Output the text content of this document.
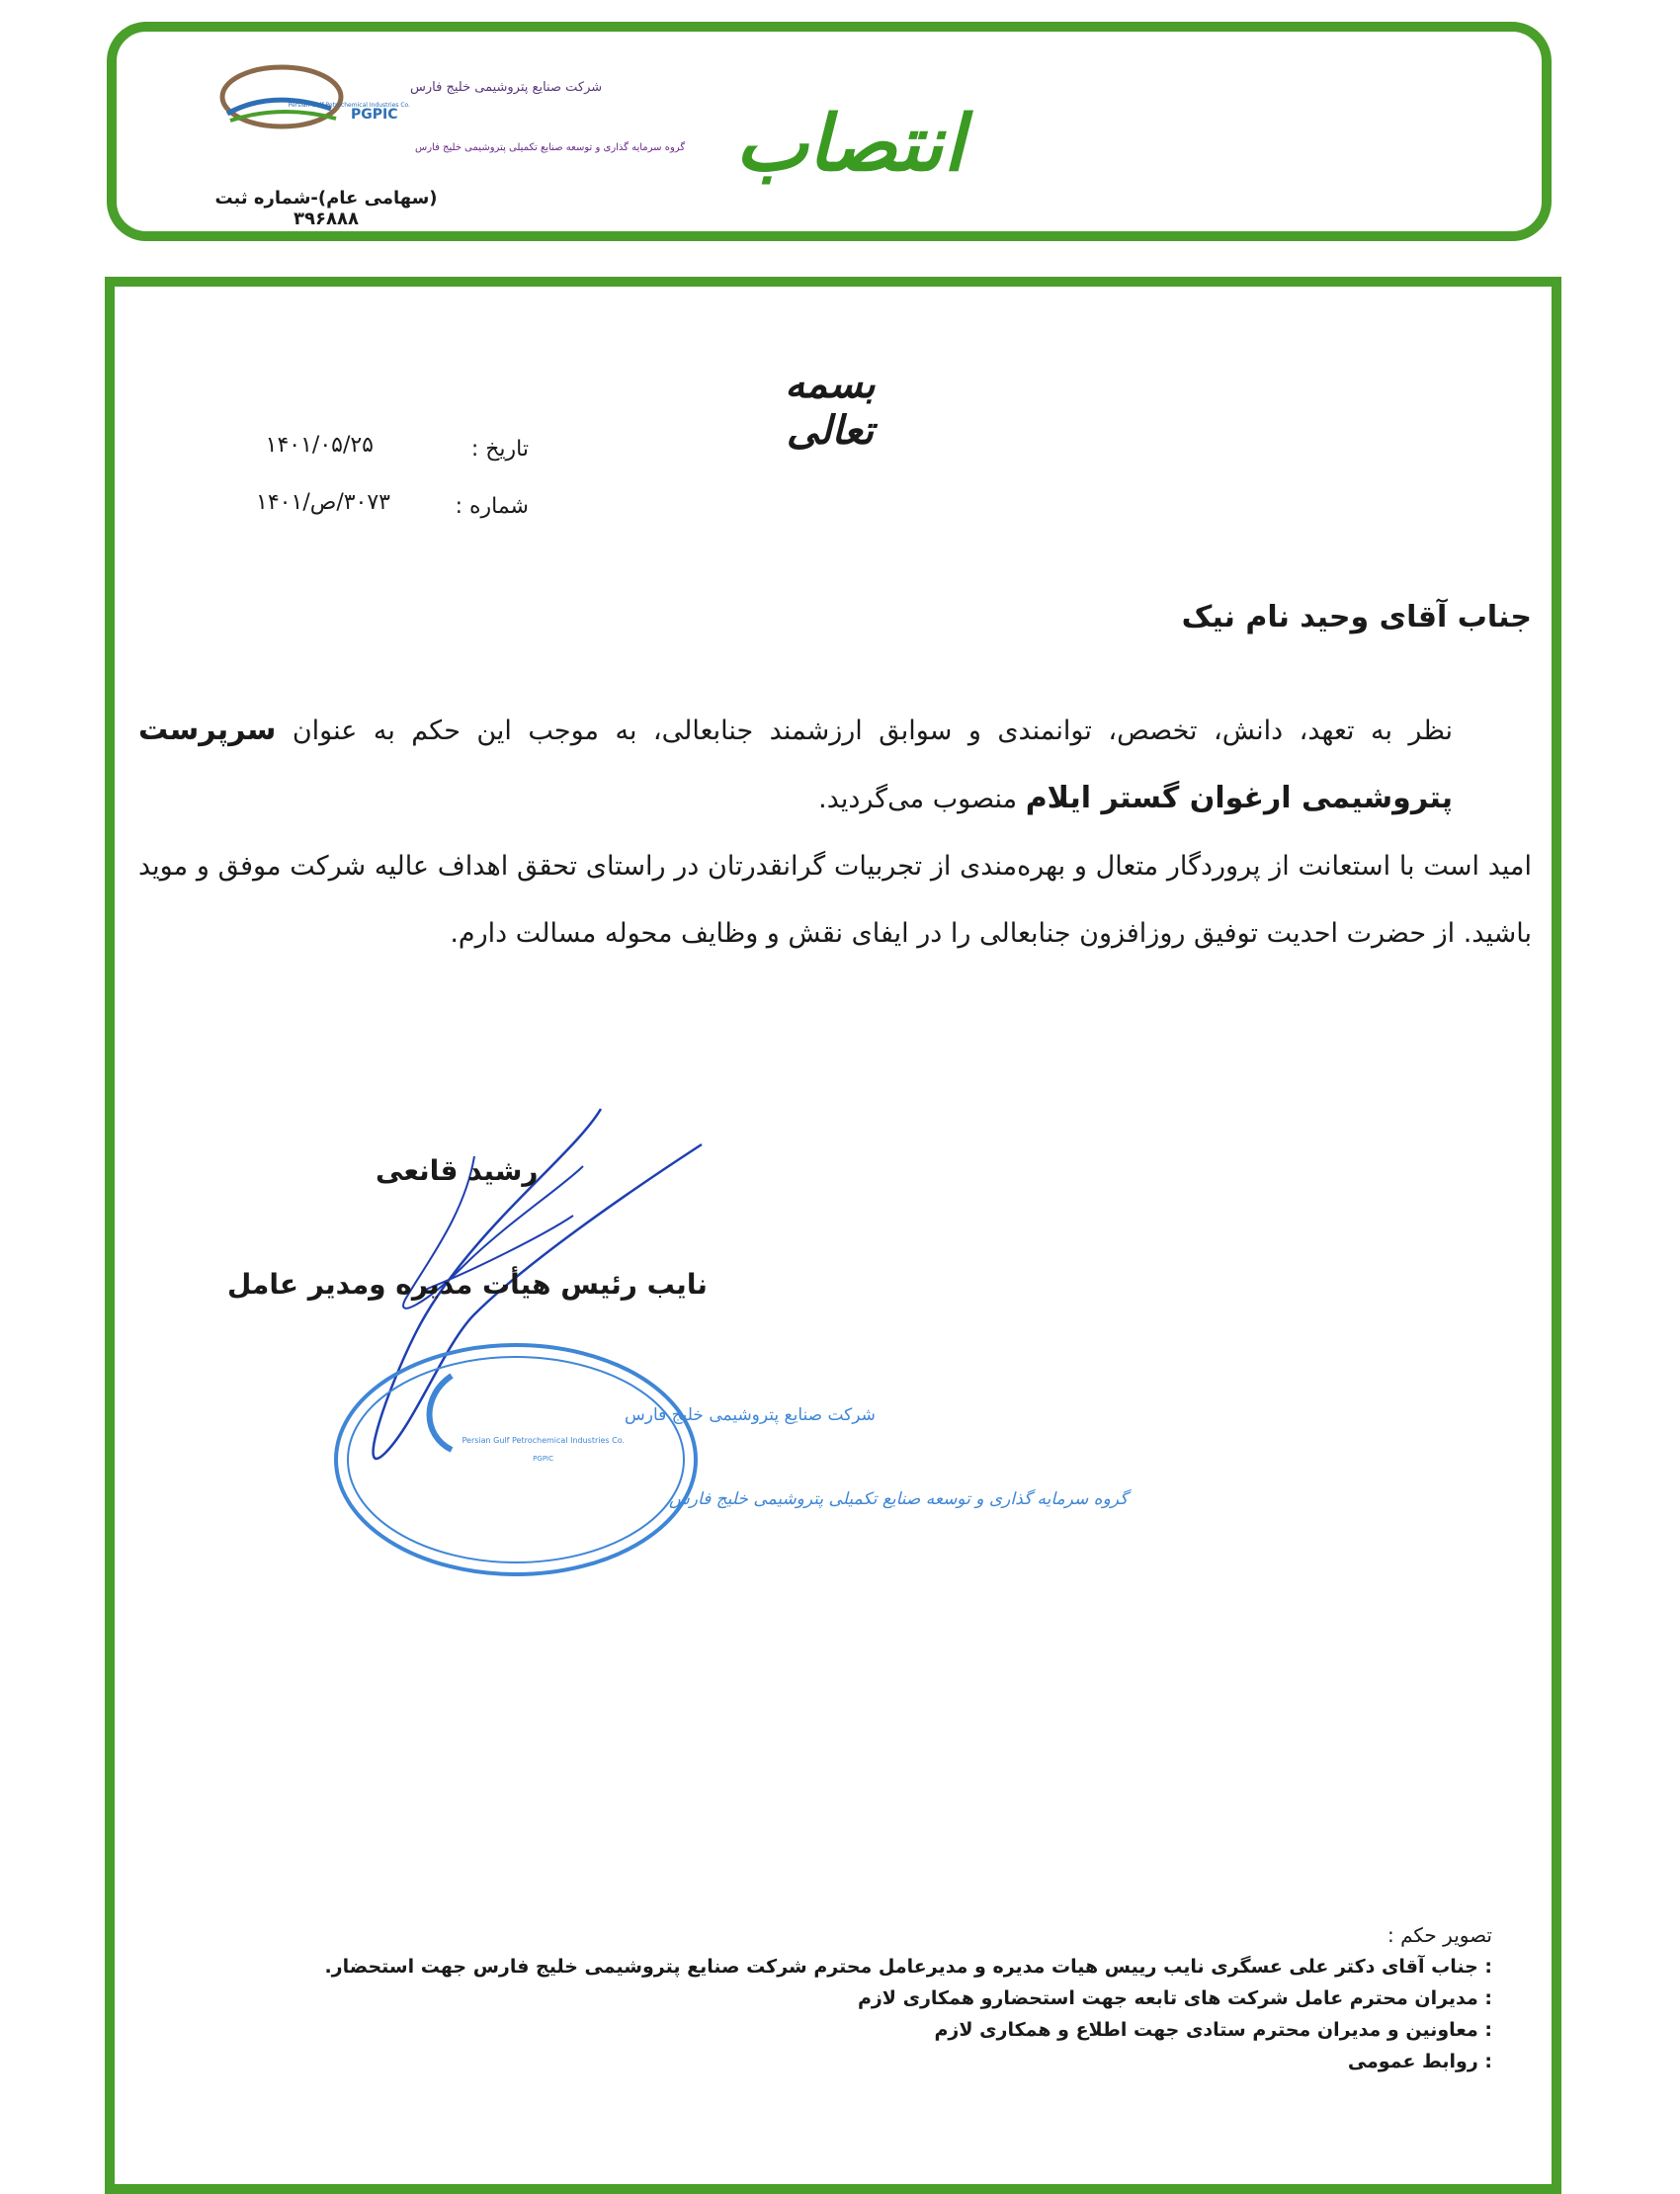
PGPIC
شرکت صنایع پتروشیمی خلیج فارس
Persian Gulf Petrochemical Industries Co.
گروه سرمایه گذاری و توسعه صنایع تکمیلی پتروشیمی خلیج فارس
(سهامی عام)-شماره ثبت ۳۹۶۸۸۸
انتصاب
بسمه تعالی
تاریخ :
۱۴۰۱/۰۵/۲۵
شماره :
۳۰۷۳/ص/۱۴۰۱
جناب آقای وحید نام نیک

نظر به تعهد، دانش، تخصص، توانمندی و سوابق ارزشمند جنابعالی، به موجب این حکم به عنوان سرپرست پتروشیمی ارغوان گستر ایلام منصوب می‌گردید.

امید است با استعانت از پروردگار متعال و بهره‌مندی از تجربیات گرانقدرتان در راستای تحقق اهداف عالیه شرکت موفق و موید باشید. از حضرت احدیت توفیق روزافزون جنابعالی را در ایفای نقش و وظایف محوله مسالت دارم.

رشید قانعی
نایب رئیس هیأت مدیره ومدیر عامل
شرکت صنایع پتروشیمی خلیج فارس
Persian Gulf Petrochemical Industries Co.
PGPIC
گروه سرمایه گذاری و توسعه صنایع تکمیلی پتروشیمی خلیج فارس
تصویر حکم :
: جناب آقای دکتر علی عسگری نایب رییس هیات مدیره و مدیرعامل محترم شرکت صنایع پتروشیمی خلیج فارس جهت استحضار.
: مدیران محترم عامل شرکت های تابعه جهت استحضارو همکاری لازم
: معاونین و مدیران محترم ستادی جهت اطلاع و همکاری لازم
: روابط عمومی
